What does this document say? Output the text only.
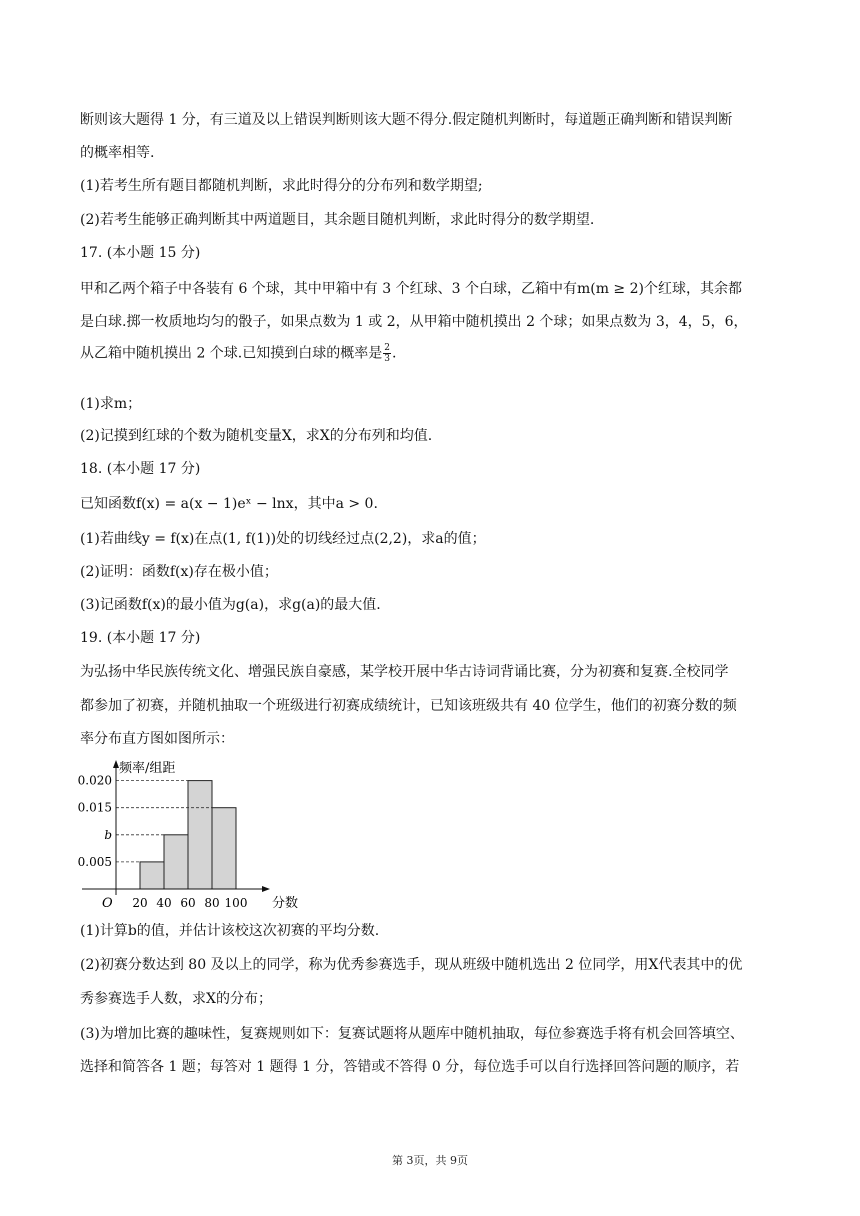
断则该大题得 1 分，有三道及以上错误判断则该大题不得分.假定随机判断时，每道题正确判断和错误判断
的概率相等.
(1)若考生所有题目都随机判断，求此时得分的分布列和数学期望;
(2)若考生能够正确判断其中两道题目，其余题目随机判断，求此时得分的数学期望.
17. (本小题 15 分)
甲和乙两个箱子中各装有 6 个球，其中甲箱中有 3 个红球、3 个白球，乙箱中有m(m ≥ 2)个红球，其余都
是白球.掷一枚质地均匀的骰子，如果点数为 1 或 2，从甲箱中随机摸出 2 个球；如果点数为 3，4，5，6，
从乙箱中随机摸出 2 个球.已知摸到白球的概率是 $\frac{2}{3}$ .
(1)求m；
(2)记摸到红球的个数为随机变量X，求X的分布列和均值.
18. (本小题 17 分)
已知函数f(x) = a(x − 1)eˣ − lnx，其中a > 0.
(1)若曲线y = f(x)在点(1, f(1))处的切线经过点(2,2)，求a的值；
(2)证明：函数f(x)存在极小值；
(3)记函数f(x)的最小值为g(a)，求g(a)的最大值.
19. (本小题 17 分)
为弘扬中华民族传统文化、增强民族自豪感，某学校开展中华古诗词背诵比赛，分为初赛和复赛.全校同学
都参加了初赛，并随机抽取一个班级进行初赛成绩统计，已知该班级共有 40 位学生，他们的初赛分数的频
率分布直方图如图所示：
频率/组距
分数
O
0.005
b
0.015
0.020
20 40 60 80 100
(1)计算b的值，并估计该校这次初赛的平均分数.
(2)初赛分数达到 80 及以上的同学，称为优秀参赛选手，现从班级中随机选出 2 位同学，用X代表其中的优
秀参赛选手人数，求X的分布；
(3)为增加比赛的趣味性，复赛规则如下：复赛试题将从题库中随机抽取，每位参赛选手将有机会回答填空、
选择和简答各 1 题；每答对 1 题得 1 分，答错或不答得 0 分，每位选手可以自行选择回答问题的顺序，若
第 3页，共 9页
